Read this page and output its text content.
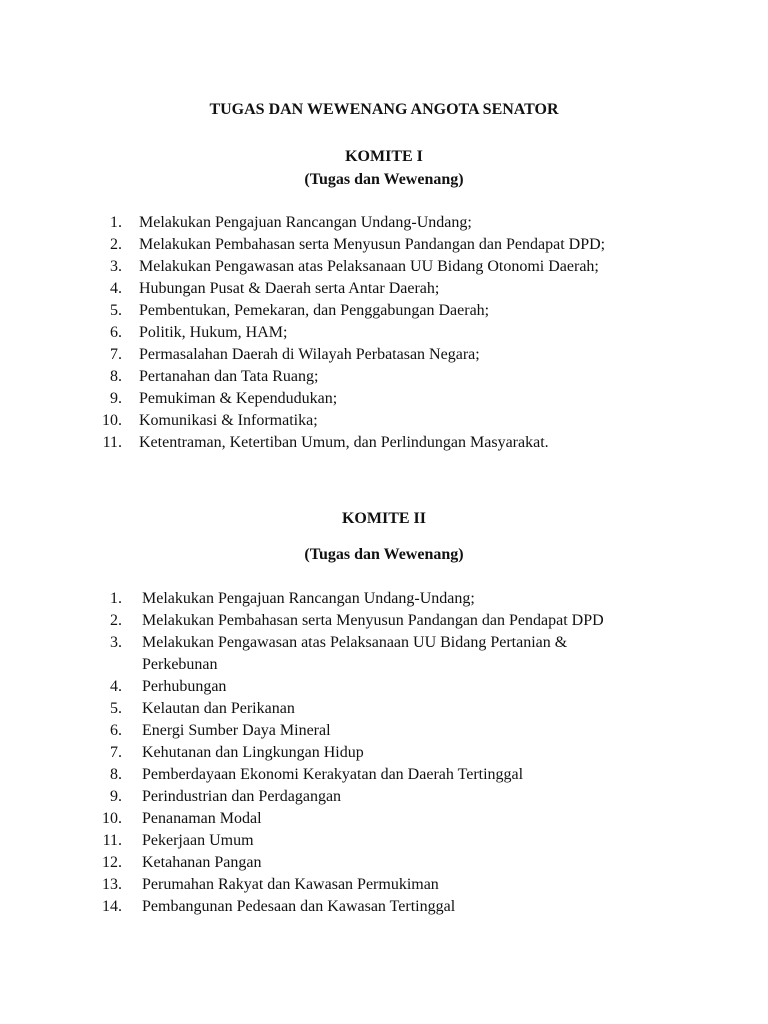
TUGAS DAN WEWENANG ANGOTA SENATOR
KOMITE I
(Tugas dan Wewenang)
1. Melakukan Pengajuan Rancangan Undang-Undang;
2. Melakukan Pembahasan serta Menyusun Pandangan dan Pendapat DPD;
3. Melakukan Pengawasan atas Pelaksanaan UU Bidang Otonomi Daerah;
4. Hubungan Pusat & Daerah serta Antar Daerah;
5. Pembentukan, Pemekaran, dan Penggabungan Daerah;
6. Politik, Hukum, HAM;
7. Permasalahan Daerah di Wilayah Perbatasan Negara;
8. Pertanahan dan Tata Ruang;
9. Pemukiman & Kependudukan;
10. Komunikasi & Informatika;
11. Ketentraman, Ketertiban Umum, dan Perlindungan Masyarakat.
KOMITE II
(Tugas dan Wewenang)
1. Melakukan Pengajuan Rancangan Undang-Undang;
2. Melakukan Pembahasan serta Menyusun Pandangan dan Pendapat DPD
3. Melakukan Pengawasan atas Pelaksanaan UU Bidang Pertanian & Perkebunan
4. Perhubungan
5. Kelautan dan Perikanan
6. Energi Sumber Daya Mineral
7. Kehutanan dan Lingkungan Hidup
8. Pemberdayaan Ekonomi Kerakyatan dan Daerah Tertinggal
9. Perindustrian dan Perdagangan
10. Penanaman Modal
11. Pekerjaan Umum
12. Ketahanan Pangan
13. Perumahan Rakyat dan Kawasan Permukiman
14. Pembangunan Pedesaan dan Kawasan Tertinggal
